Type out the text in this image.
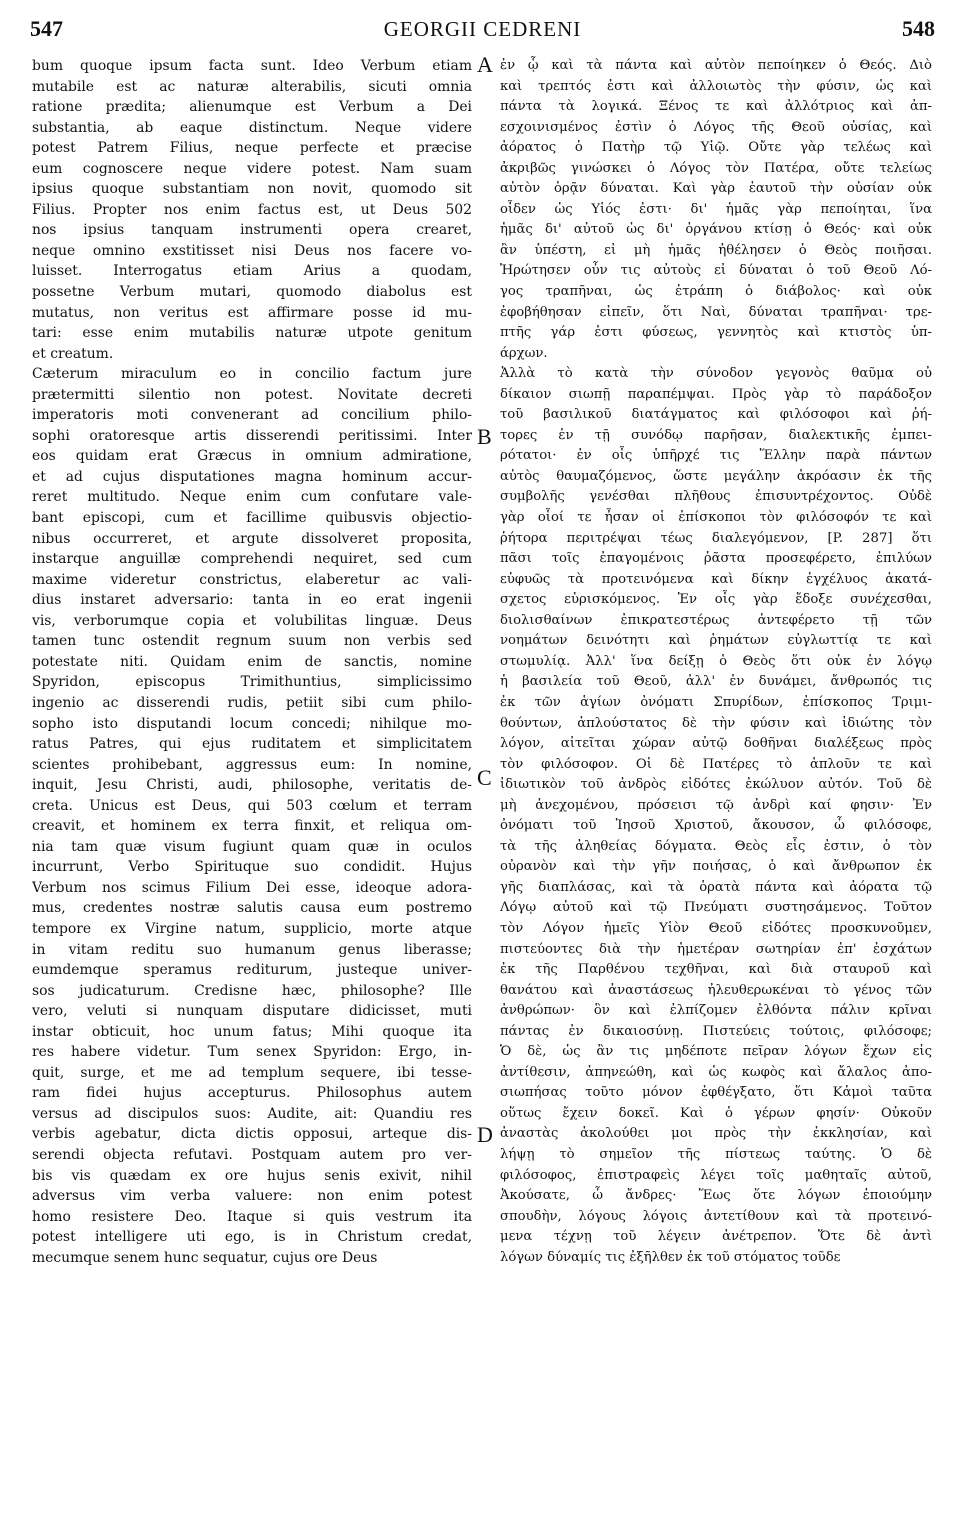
547	GEORGII CEDRENI	548
A
B
C
D
bum quoque ipsum facta sunt. Ideo Verbum etiam
mutabile est ac naturæ alterabilis, sicuti omnia
ratione prædita; alienumque est Verbum a Dei
substantia, ab eaque distinctum. Neque videre
potest Patrem Filius, neque perfecte et præcise
eum cognoscere neque videre potest. Nam suam
ipsius quoque substantiam non novit, quomodo sit
Filius. Propter nos enim factus est, ut Deus 502
nos ipsius tanquam instrumenti opera crearet,
neque omnino exstitisset nisi Deus nos facere vo-
luisset. Interrogatus etiam Arius a quodam,
possetne Verbum mutari, quomodo diabolus est
mutatus, non veritus est affirmare posse id mu-
tari: esse enim mutabilis naturæ utpote genitum
et creatum.
Cæterum miraculum eo in concilio factum jure
prætermitti silentio non potest. Novitate decreti
imperatoris moti convenerant ad concilium philo-
sophi oratoresque artis disserendi peritissimi. Inter
eos quidam erat Græcus in omnium admiratione,
et ad cujus disputationes magna hominum accur-
reret multitudo. Neque enim cum confutare vale-
bant episcopi, cum et facillime quibusvis objectio-
nibus occurreret, et argute dissolveret proposita,
instarque anguillæ comprehendi nequiret, sed cum
maxime videretur constrictus, elaberetur ac vali-
dius instaret adversario: tanta in eo erat ingenii
vis, verborumque copia et volubilitas linguæ. Deus
tamen tunc ostendit regnum suum non verbis sed
potestate niti. Quidam enim de sanctis, nomine
Spyridon, episcopus Trimithuntius, simplicissimo
ingenio ac disserendi rudis, petiit sibi cum philo-
sopho isto disputandi locum concedi; nihilque mo-
ratus Patres, qui ejus ruditatem et simplicitatem
scientes prohibebant, aggressus eum: In nomine,
inquit, Jesu Christi, audi, philosophe, veritatis de-
creta. Unicus est Deus, qui 503 cœlum et terram
creavit, et hominem ex terra finxit, et reliqua om-
nia tam quæ visum fugiunt quam quæ in oculos
incurrunt, Verbo Spirituque suo condidit. Hujus
Verbum nos scimus Filium Dei esse, ideoque adora-
mus, credentes nostræ salutis causa eum postremo
tempore ex Virgine natum, supplicio, morte atque
in vitam reditu suo humanum genus liberasse;
eumdemque speramus rediturum, justeque univer-
sos judicaturum. Credisne hæc, philosophe? Ille
vero, veluti si nunquam disputare didicisset, muti
instar obticuit, hoc unum fatus; Mihi quoque ita
res habere videtur. Tum senex Spyridon: Ergo, in-
quit, surge, et me ad templum sequere, ibi tesse-
ram fidei hujus accepturus. Philosophus autem
versus ad discipulos suos: Audite, ait: Quandiu res
verbis agebatur, dicta dictis opposui, arteque dis-
serendi objecta refutavi. Postquam autem pro ver-
bis vis quædam ex ore hujus senis exivit, nihil
adversus vim verba valuere: non enim potest
homo resistere Deo. Itaque si quis vestrum ita
potest intelligere uti ego, is in Christum credat,
mecumque senem hunc sequatur, cujus ore Deus
ἐν ᾧ καὶ τὰ πάντα καὶ αὐτὸν πεποίηκεν ὁ Θεός. Διὸ
καὶ τρεπτός ἐστι καὶ ἀλλοιωτὸς τὴν φύσιν, ὡς καὶ
πάντα τὰ λογικά. Ξένος τε καὶ ἀλλότριος καὶ ἀπ-
εσχοινισμένος ἐστὶν ὁ Λόγος τῆς Θεοῦ οὐσίας, καὶ
ἀόρατος ὁ Πατὴρ τῷ Υἱῷ. Οὔτε γὰρ τελέως καὶ
ἀκριβῶς γινώσκει ὁ Λόγος τὸν Πατέρα, οὔτε τελείως
αὐτὸν ὁρᾷν δύναται. Καὶ γὰρ ἑαυτοῦ τὴν οὐσίαν οὐκ
οἶδεν ὡς Υἱός ἐστι· δι' ἡμᾶς γὰρ πεποίηται, ἵνα
ἡμᾶς δι' αὐτοῦ ὡς δι' ὀργάνου κτίσῃ ὁ Θεός· καὶ οὐκ
ἂν ὑπέστη, εἰ μὴ ἡμᾶς ἠθέλησεν ὁ Θεὸς ποιῆσαι.
Ἠρώτησεν οὖν τις αὐτοὺς εἰ δύναται ὁ τοῦ Θεοῦ Λό-
γος τραπῆναι, ὡς ἐτράπη ὁ διάβολος· καὶ οὐκ
ἐφοβήθησαν εἰπεῖν, ὅτι Ναὶ, δύναται τραπῆναι· τρε-
πτῆς γάρ ἐστι φύσεως, γεννητὸς καὶ κτιστὸς ὑπ-
άρχων.
Ἀλλὰ τὸ κατὰ τὴν σύνοδον γεγονὸς θαῦμα οὐ
δίκαιον σιωπῇ παραπέμψαι. Πρὸς γὰρ τὸ παράδοξον
τοῦ βασιλικοῦ διατάγματος καὶ φιλόσοφοι καὶ ῥή-
τορες ἐν τῇ συνόδῳ παρῆσαν, διαλεκτικῆς ἐμπει-
ρότατοι· ἐν οἷς ὑπῆρχέ τις Ἕλλην παρὰ πάντων
αὐτὸς θαυμαζόμενος, ὥστε μεγάλην ἀκρόασιν ἐκ τῆς
συμβολῆς γενέσθαι πλῆθους ἐπισυντρέχοντος. Οὐδὲ
γὰρ οἷοί τε ἦσαν οἱ ἐπίσκοποι τὸν φιλόσοφόν τε καὶ
ῥήτορα περιτρέψαι τέως διαλεγόμενον, [P. 287] ὅτι
πᾶσι τοῖς ἐπαγομένοις ῥᾶστα προσεφέρετο, ἐπιλύων
εὐφυῶς τὰ προτεινόμενα καὶ δίκην ἐγχέλυος ἀκατά-
σχετος εὑρισκόμενος. Ἐν οἷς γὰρ ἔδοξε συνέχεσθαι,
διολισθαίνων ἐπικρατεστέρως ἀντεφέρετο τῇ τῶν
νοημάτων δεινότητι καὶ ῥημάτων εὐγλωττίᾳ τε καὶ
στωμυλίᾳ. Ἀλλ' ἵνα δείξῃ ὁ Θεὸς ὅτι οὐκ ἐν λόγῳ
ἡ βασιλεία τοῦ Θεοῦ, ἀλλ' ἐν δυνάμει, ἄνθρωπός τις
ἐκ τῶν ἁγίων ὀνόματι Σπυρίδων, ἐπίσκοπος Τριμι-
θούντων, ἁπλούστατος δὲ τὴν φύσιν καὶ ἰδιώτης τὸν
λόγον, αἰτεῖται χώραν αὐτῷ δοθῆναι διαλέξεως πρὸς
τὸν φιλόσοφον. Οἱ δὲ Πατέρες τὸ ἁπλοῦν τε καὶ
ἰδιωτικὸν τοῦ ἀνδρὸς εἰδότες ἐκώλυον αὐτόν. Τοῦ δὲ
μὴ ἀνεχομένου, πρόσεισι τῷ ἀνδρὶ καί φησιν· Ἐν
ὀνόματι τοῦ Ἰησοῦ Χριστοῦ, ἄκουσον, ὦ φιλόσοφε,
τὰ τῆς ἀληθείας δόγματα. Θεὸς εἷς ἐστιν, ὁ τὸν
οὐρανὸν καὶ τὴν γῆν ποιήσας, ὁ καὶ ἄνθρωπον ἐκ
γῆς διαπλάσας, καὶ τὰ ὁρατὰ πάντα καὶ ἀόρατα τῷ
Λόγῳ αὐτοῦ καὶ τῷ Πνεύματι συστησάμενος. Τοῦτον
τὸν Λόγον ἡμεῖς Υἱὸν Θεοῦ εἰδότες προσκυνοῦμεν,
πιστεύοντες διὰ τὴν ἡμετέραν σωτηρίαν ἐπ' ἐσχάτων
ἐκ τῆς Παρθένου τεχθῆναι, καὶ διὰ σταυροῦ καὶ
θανάτου καὶ ἀναστάσεως ἠλευθερωκέναι τὸ γένος τῶν
ἀνθρώπων· ὃν καὶ ἐλπίζομεν ἐλθόντα πάλιν κρῖναι
πάντας ἐν δικαιοσύνῃ. Πιστεύεις τούτοις, φιλόσοφε;
Ὁ δὲ, ὡς ἂν τις μηδέποτε πεῖραν λόγων ἔχων εἰς
ἀντίθεσιν, ἀπηνεώθη, καὶ ὡς κωφὸς καὶ ἄλαλος ἀπο-
σιωπήσας τοῦτο μόνον ἐφθέγξατο, ὅτι Κἀμοὶ ταῦτα
οὕτως ἔχειν δοκεῖ. Καὶ ὁ γέρων φησίν· Οὐκοῦν
ἀναστὰς ἀκολούθει μοι πρὸς τὴν ἐκκλησίαν, καὶ
λήψῃ τὸ σημεῖον τῆς πίστεως ταύτης. Ὁ δὲ
φιλόσοφος, ἐπιστραφεὶς λέγει τοῖς μαθηταῖς αὐτοῦ,
Ἀκούσατε, ὦ ἄνδρες· Ἕως ὅτε λόγων ἐποιούμην
σπουδὴν, λόγους λόγοις ἀντετίθουν καὶ τὰ προτεινό-
μενα τέχνῃ τοῦ λέγειν ἀνέτρεπον. Ὅτε δὲ ἀντὶ
λόγων δύναμίς τις ἐξῆλθεν ἐκ τοῦ στόματος τοῦδε
